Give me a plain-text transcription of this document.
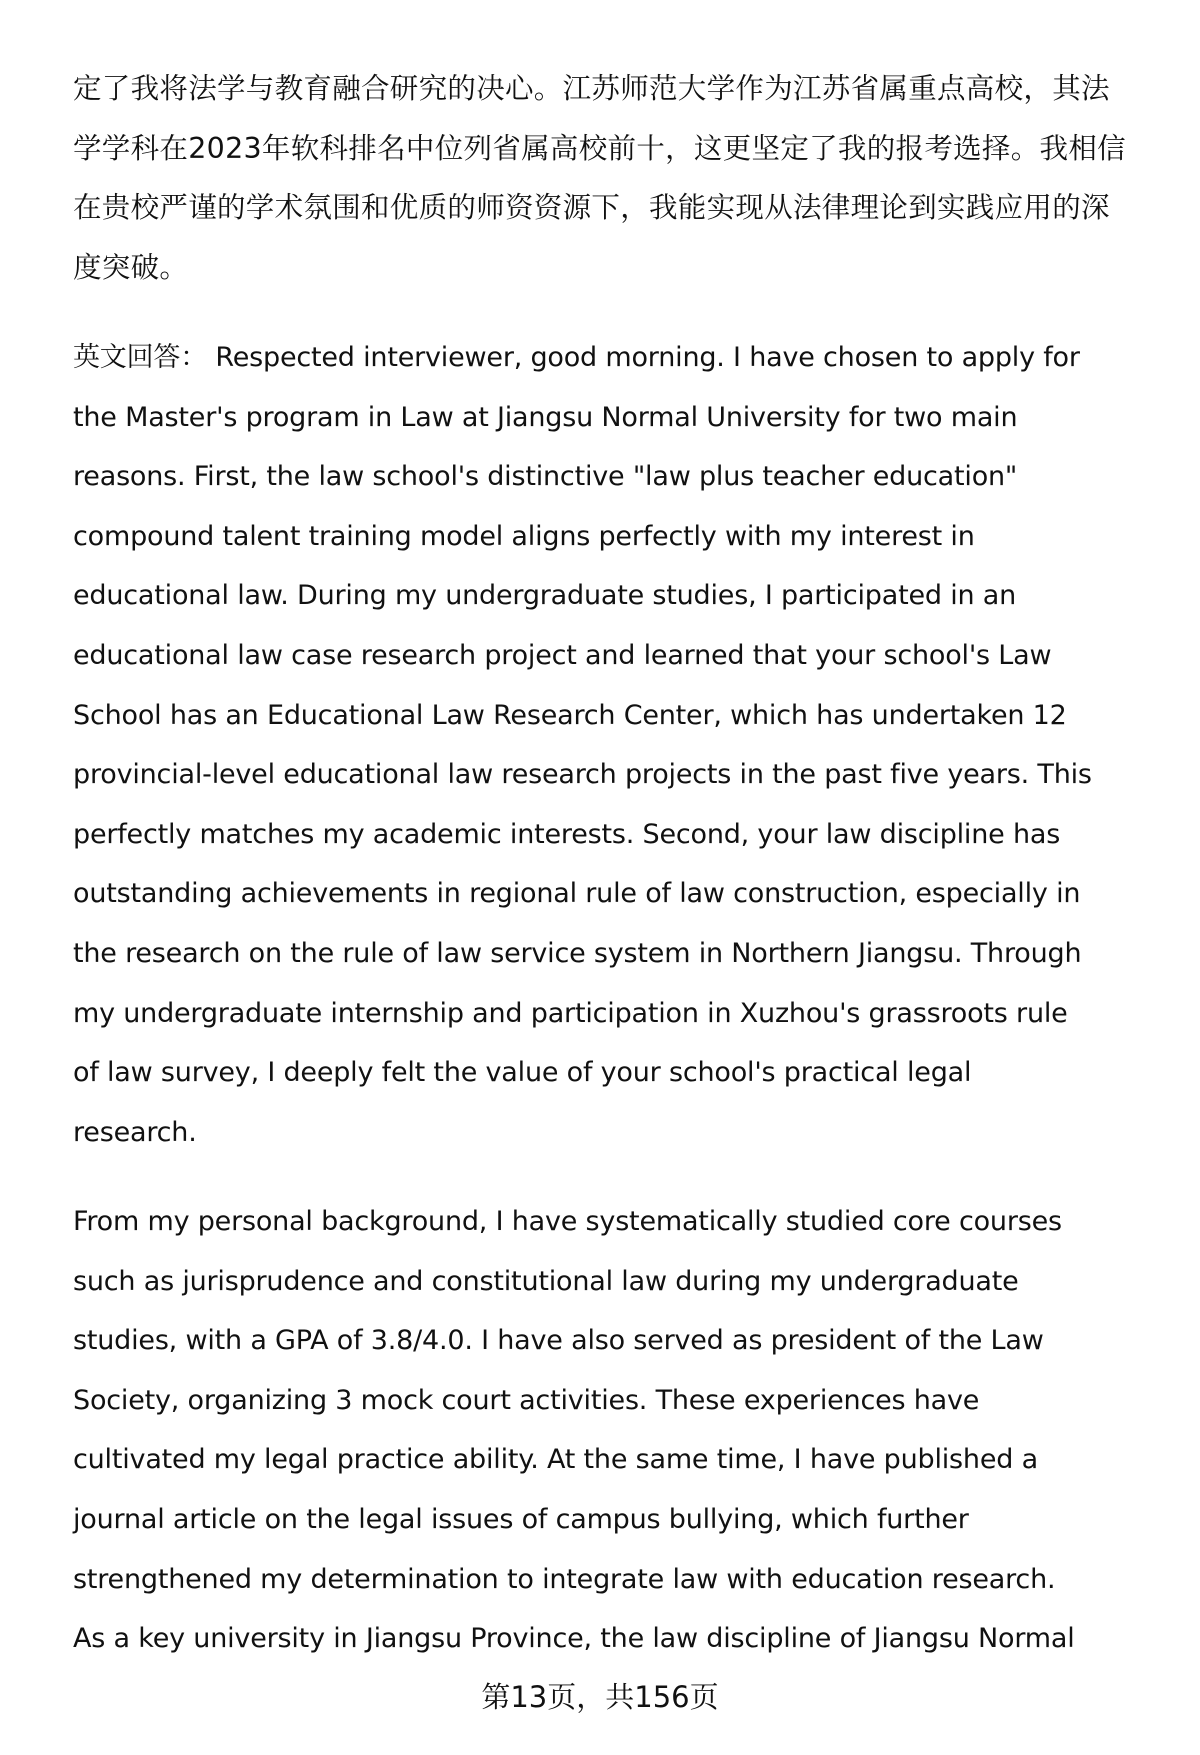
定了我将法学与教育融合研究的决心。江苏师范大学作为江苏省属重点高校，其法
学学科在2023年软科排名中位列省属高校前十，这更坚定了我的报考选择。我相信
在贵校严谨的学术氛围和优质的师资资源下，我能实现从法律理论到实践应用的深
度突破。
英文回答： Respected interviewer, good morning. I have chosen to apply for
the Master's program in Law at Jiangsu Normal University for two main
reasons. First, the law school's distinctive "law plus teacher education"
compound talent training model aligns perfectly with my interest in
educational law. During my undergraduate studies, I participated in an
educational law case research project and learned that your school's Law
School has an Educational Law Research Center, which has undertaken 12
provincial-level educational law research projects in the past five years. This
perfectly matches my academic interests. Second, your law discipline has
outstanding achievements in regional rule of law construction, especially in
the research on the rule of law service system in Northern Jiangsu. Through
my undergraduate internship and participation in Xuzhou's grassroots rule
of law survey, I deeply felt the value of your school's practical legal
research.
From my personal background, I have systematically studied core courses
such as jurisprudence and constitutional law during my undergraduate
studies, with a GPA of 3.8/4.0. I have also served as president of the Law
Society, organizing 3 mock court activities. These experiences have
cultivated my legal practice ability. At the same time, I have published a
journal article on the legal issues of campus bullying, which further
strengthened my determination to integrate law with education research.
As a key university in Jiangsu Province, the law discipline of Jiangsu Normal
第13页，共156页
